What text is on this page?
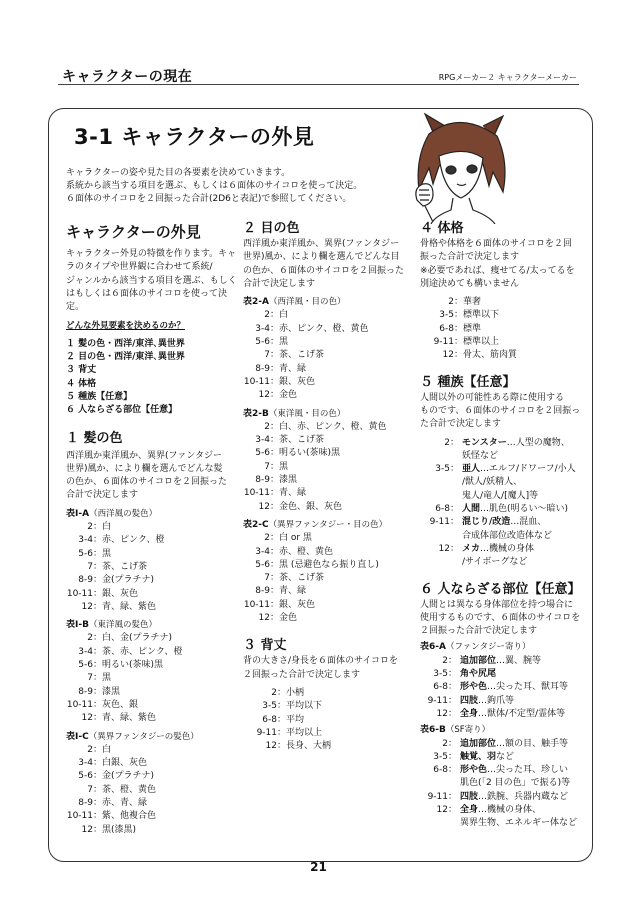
キャラクターの現在	RPGメーカー２ キャラクターメーカー
3-1 キャラクターの外見

キャラクターの姿や見た目の各要素を決めていきます。

系統から該当する項目を選ぶ、もしくは６面体のサイコロを使って決定。

６面体のサイコロを２回振った合計(2D6と表記)で参照してください。

キャラクターの外見

キャラクター外見の特徴を作ります。キャ

ラのタイプや世界観に合わせて系統/

ジャンルから該当する項目を選ぶ、もしく

はもしくは６面体のサイコロを使って決

定。

どんな外見要素を決めるのか？

１ 髪の色・西洋/東洋､異世界

２ 目の色・西洋/東洋､異世界

３ 背丈

４ 体格

５ 種族【任意】

６ 人ならざる部位【任意】

１ 髪の色

西洋風か東洋風か、異界(ファンタジー

世界)風か、により欄を選んでどんな髪

の色か、６面体のサイコロを２回振った

合計で決定します

表Ⅰ-A（西洋風の髪色）

2 ：白
3-4 ：赤、ピンク、橙
5-6 ：黒
7 ：茶、こげ茶
8-9 ：金(プラチナ)
10-11 ：銀、灰色
12 ：青、緑、紫色

表Ⅰ-B（東洋風の髪色）

2 ：白、金(プラチナ)
3-4 ：茶、赤、ピンク、橙
5-6 ：明るい(茶味)黒
7 ：黒
8-9 ：漆黒
10-11 ：灰色、銀
12 ：青、緑、紫色

表Ⅰ-C（異界ファンタジーの髪色）

2 ：白
3-4 ：白銀、灰色
5-6 ：金(プラチナ)
7 ：茶、橙、黄色
8-9 ：赤、青、緑
10-11 ：紫、他複合色
12 ：黒(漆黒)

２ 目の色

西洋風か東洋風か、異界(ファンタジー

世界)風か、により欄を選んでどんな目

の色か、６面体のサイコロを２回振った

合計で決定します

表2-A（西洋風・目の色）

2 ：白
3-4 ：赤、ピンク、橙、黄色
5-6 ：黒
7 ：茶、こげ茶
8-9 ：青、緑
10-11 ：銀、灰色
12 ：金色

表2-B（東洋風・目の色）

2 ：白、赤、ピンク、橙、黄色
3-4 ：茶、こげ茶
5-6 ：明るい(茶味)黒
7 ：黒
8-9 ：漆黒
10-11 ：青、緑
12 ：金色、銀、灰色

表2-C（異界ファンタジー・目の色）

2 ：白 or 黒
3-4 ：赤、橙、黄色
5-6 ：黒 (忌避色なら振り直し)
7 ：茶、こげ茶
8-9 ：青、緑
10-11 ：銀、灰色
12 ：金色

３ 背丈

背の大きさ/身長を６面体のサイコロを

２回振った合計で決定します

2 ：小柄
3-5 ：平均以下
6-8 ：平均
9-11 ：平均以上
12 ：長身、大柄

４ 体格

骨格や体格を６面体のサイコロを２回

振った合計で決定します

※必要であれば、痩せてる/太ってるを

別途決めても構いません

2 ：華奢
3-5 ：標準以下
6-8 ：標準
9-11 ：標準以上
12 ：骨太、筋肉質

５ 種族【任意】

人間以外の可能性ある際に使用する

ものです、６面体のサイコロを２回振っ

た合計で決定します

2 ： モンスター …人型の魔物、
妖怪など
3-5 ： 亜人 …エルフ/ドワーフ/小人
/獣人/妖精人、
鬼人/竜人/[魔人]等
6-8 ： 人間 …肌色(明るい〜暗い)
9-11 ： 混じり/改造 …混血、
合成体部位改造体など
12 ： メカ …機械の身体
/サイボーグなど

６ 人ならざる部位【任意】

人間とは異なる身体部位を持つ場合に

使用するものです、６面体のサイコロを

２回振った合計で決定します

表6-A（ファンタジー寄り）

2 ： 追加部位 …翼、腕等
3-5 ： 角や尻尾
6-8 ： 形や色 …尖った耳、獣耳等
9-11 ： 四肢 …鉤爪等
12 ： 全身 …獣体/不定型/霊体等

表6-B（SF寄り）

2 ： 追加部位 …額の目、触手等
3-5 ： 触覚、羽 など
6-8 ： 形や色 …尖った耳、珍しい
肌色(「2 目の色」で振る)等
9-11 ： 四肢 …鉄腕、兵器内蔵など
12 ： 全身 …機械の身体、
異界生物、エネルギー体など
21
